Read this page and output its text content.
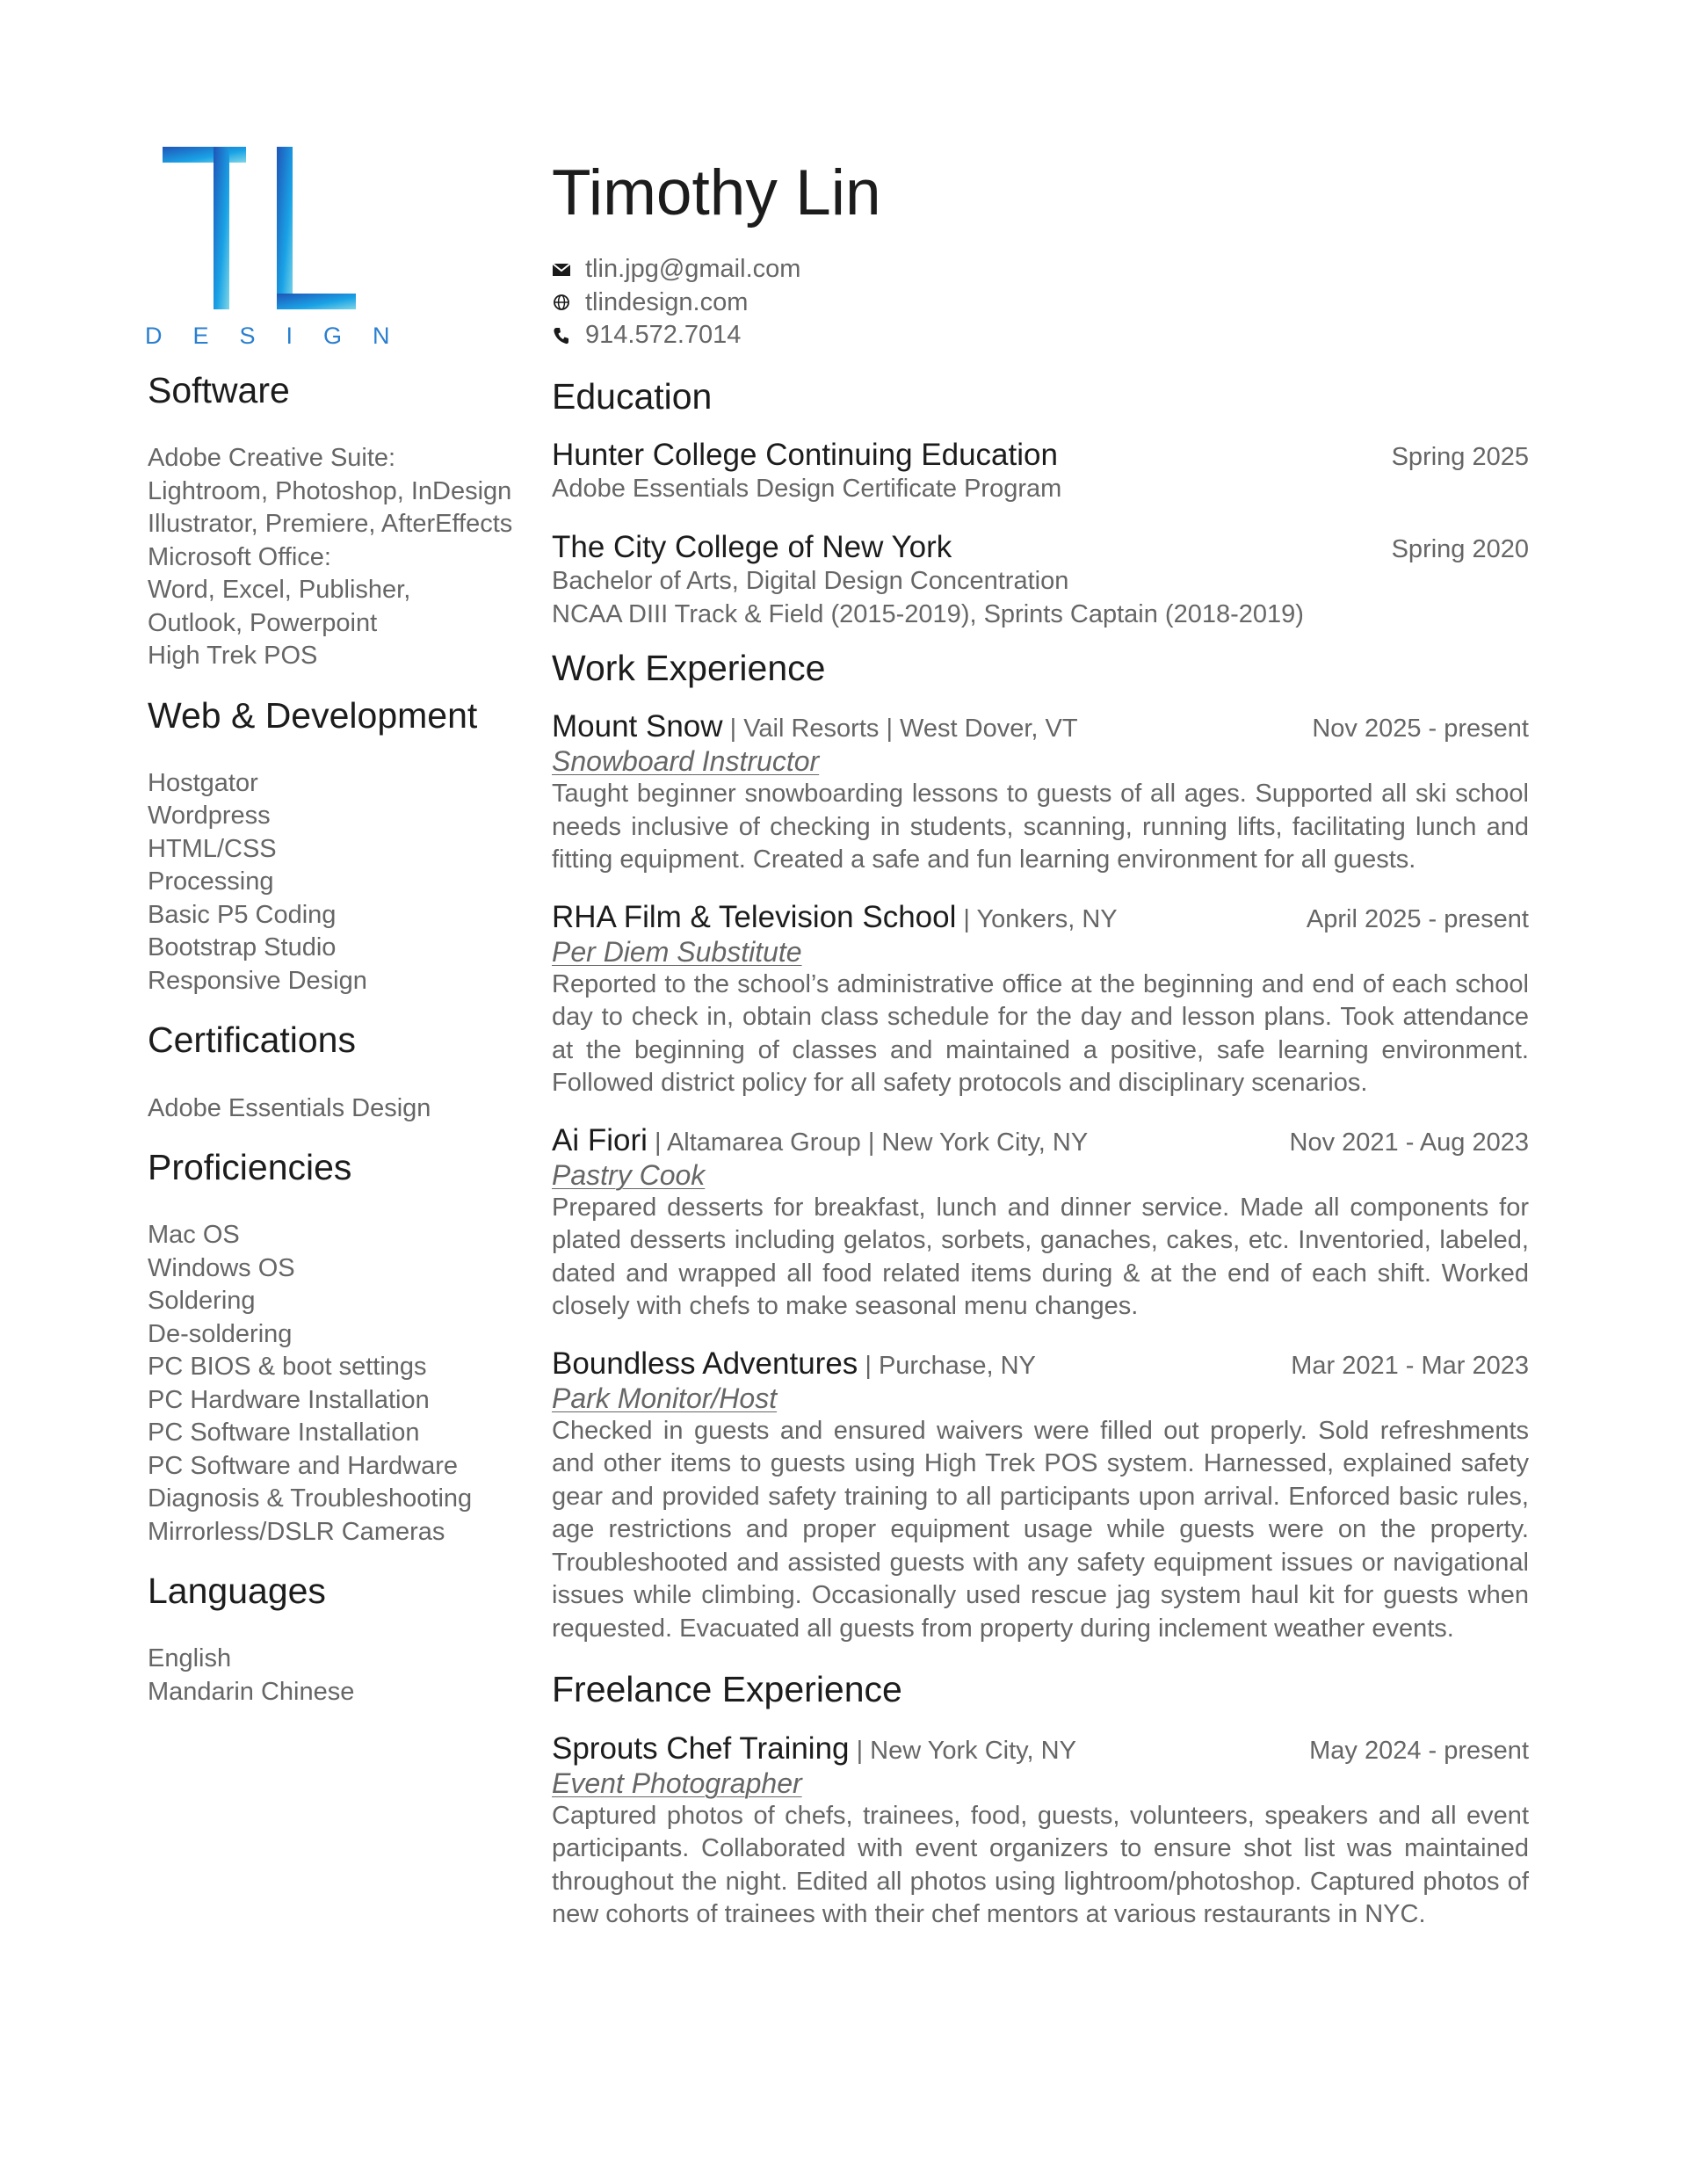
DESIGN
Software
Adobe Creative Suite:
Lightroom, Photoshop, InDesign
Illustrator, Premiere, AfterEffects
Microsoft Office:
Word, Excel, Publisher,
Outlook, Powerpoint
High Trek POS
Web & Development
Hostgator
Wordpress
HTML/CSS
Processing
Basic P5 Coding
Bootstrap Studio
Responsive Design
Certifications
Adobe Essentials Design
Proficiencies
Mac OS
Windows OS
Soldering
De-soldering
PC BIOS & boot settings
PC Hardware Installation
PC Software Installation
PC Software and Hardware
Diagnosis & Troubleshooting
Mirrorless/DSLR Cameras
Languages
English
Mandarin Chinese
Timothy Lin
tlin.jpg@gmail.com
tlindesign.com
914.572.7014
Education
Hunter College Continuing Education	Spring 2025
Adobe Essentials Design Certificate Program
The City College of New York	Spring 2020
Bachelor of Arts, Digital Design Concentration
NCAA DIII Track & Field (2015-2019), Sprints Captain (2018-2019)
Work Experience
Mount Snow | Vail Resorts | West Dover, VT	Nov 2025 - present
Snowboard Instructor
Taught beginner snowboarding lessons to guests of all ages. Supported all ski school needs inclusive of checking in students, scanning, running lifts, facilitating lunch and fitting equipment. Created a safe and fun learning environment for all guests.
RHA Film & Television School | Yonkers, NY	April 2025 - present
Per Diem Substitute
Reported to the school’s administrative office at the beginning and end of each school day to check in, obtain class schedule for the day and lesson plans. Took attendance at the beginning of classes and maintained a positive, safe learning environment. Followed district policy for all safety protocols and disciplinary scenarios.
Ai Fiori | Altamarea Group | New York City, NY	Nov 2021 - Aug 2023
Pastry Cook
Prepared desserts for breakfast, lunch and dinner service. Made all components for plated desserts including gelatos, sorbets, ganaches, cakes, etc. Inventoried, labeled, dated and wrapped all food related items during & at the end of each shift. Worked closely with chefs to make seasonal menu changes.
Boundless Adventures | Purchase, NY	Mar 2021 - Mar 2023
Park Monitor/Host
Checked in guests and ensured waivers were filled out properly. Sold refreshments and other items to guests using High Trek POS system. Harnessed, explained safety gear and provided safety training to all participants upon arrival. Enforced basic rules, age restrictions and proper equipment usage while guests were on the property. Troubleshooted and assisted guests with any safety equipment issues or navigational issues while climbing. Occasionally used rescue jag system haul kit for guests when requested. Evacuated all guests from property during inclement weather events.
Freelance Experience
Sprouts Chef Training | New York City, NY	May 2024 - present
Event Photographer
Captured photos of chefs, trainees, food, guests, volunteers, speakers and all event participants. Collaborated with event organizers to ensure shot list was maintained throughout the night. Edited all photos using lightroom/photoshop. Captured photos of new cohorts of trainees with their chef mentors at various restaurants in NYC.
